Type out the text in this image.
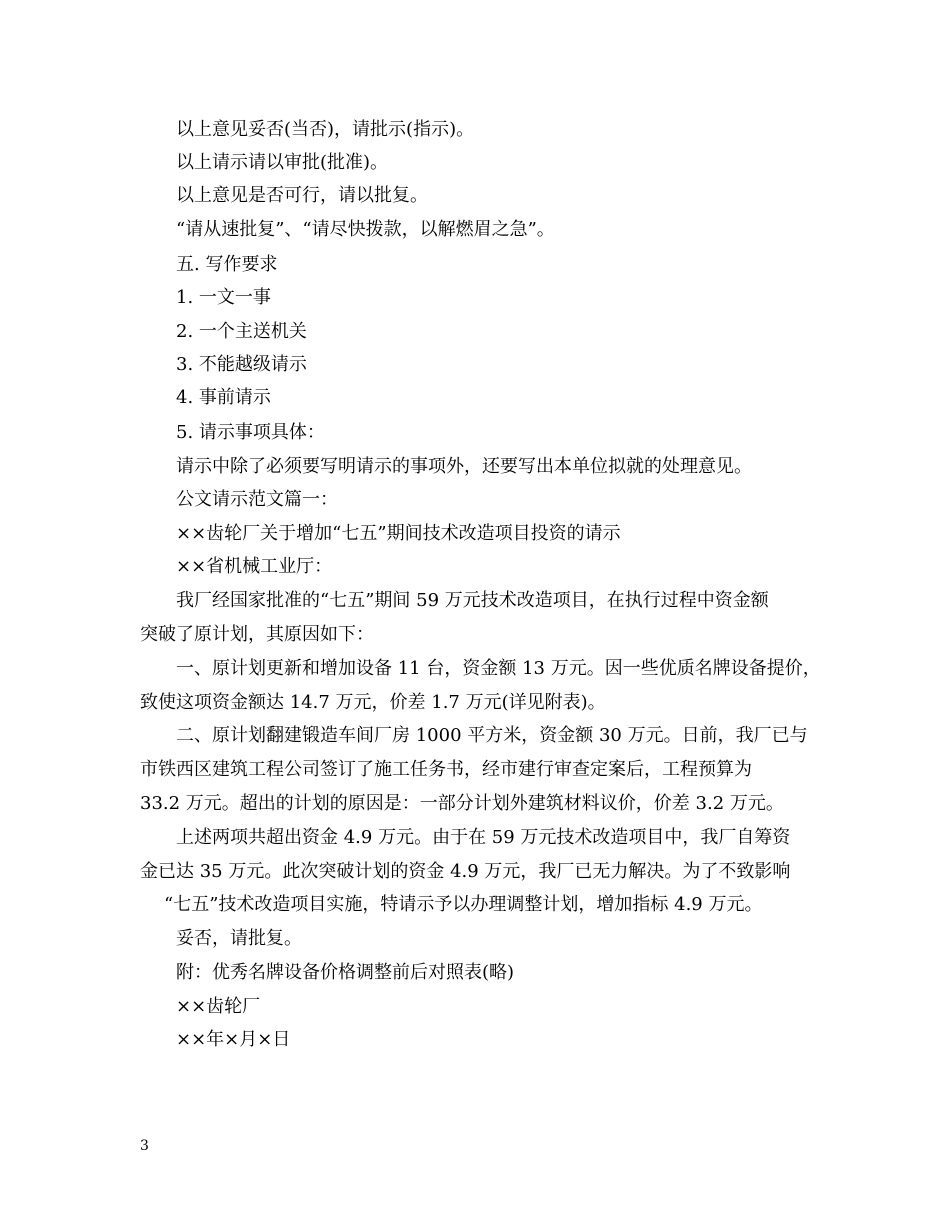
以上意见妥否(当否)，请批示(指示)。

以上请示请以审批(批准)。

以上意见是否可行，请以批复。

“请从速批复”、“请尽快拨款，以解燃眉之急”。

五. 写作要求

1. 一文一事

2. 一个主送机关

3. 不能越级请示

4. 事前请示

5. 请示事项具体：

请示中除了必须要写明请示的事项外，还要写出本单位拟就的处理意见。

公文请示范文篇一：

××齿轮厂关于增加“七五”期间技术改造项目投资的请示

××省机械工业厅：

我厂经国家批准的“七五”期间 59 万元技术改造项目，在执行过程中资金额

突破了原计划，其原因如下：

一、原计划更新和增加设备 11 台，资金额 13 万元。因一些优质名牌设备提价，

致使这项资金额达 14.7 万元，价差 1.7 万元(详见附表)。

二、原计划翻建锻造车间厂房 1000 平方米，资金额 30 万元。日前，我厂已与

市铁西区建筑工程公司签订了施工任务书，经市建行审查定案后，工程预算为

33.2 万元。超出的计划的原因是：一部分计划外建筑材料议价，价差 3.2 万元。

上述两项共超出资金 4.9 万元。由于在 59 万元技术改造项目中，我厂自筹资

金已达 35 万元。此次突破计划的资金 4.9 万元，我厂已无力解决。为了不致影响

“七五”技术改造项目实施，特请示予以办理调整计划，增加指标 4.9 万元。

妥否，请批复。

附：优秀名牌设备价格调整前后对照表(略)

××齿轮厂

××年×月×日

3
